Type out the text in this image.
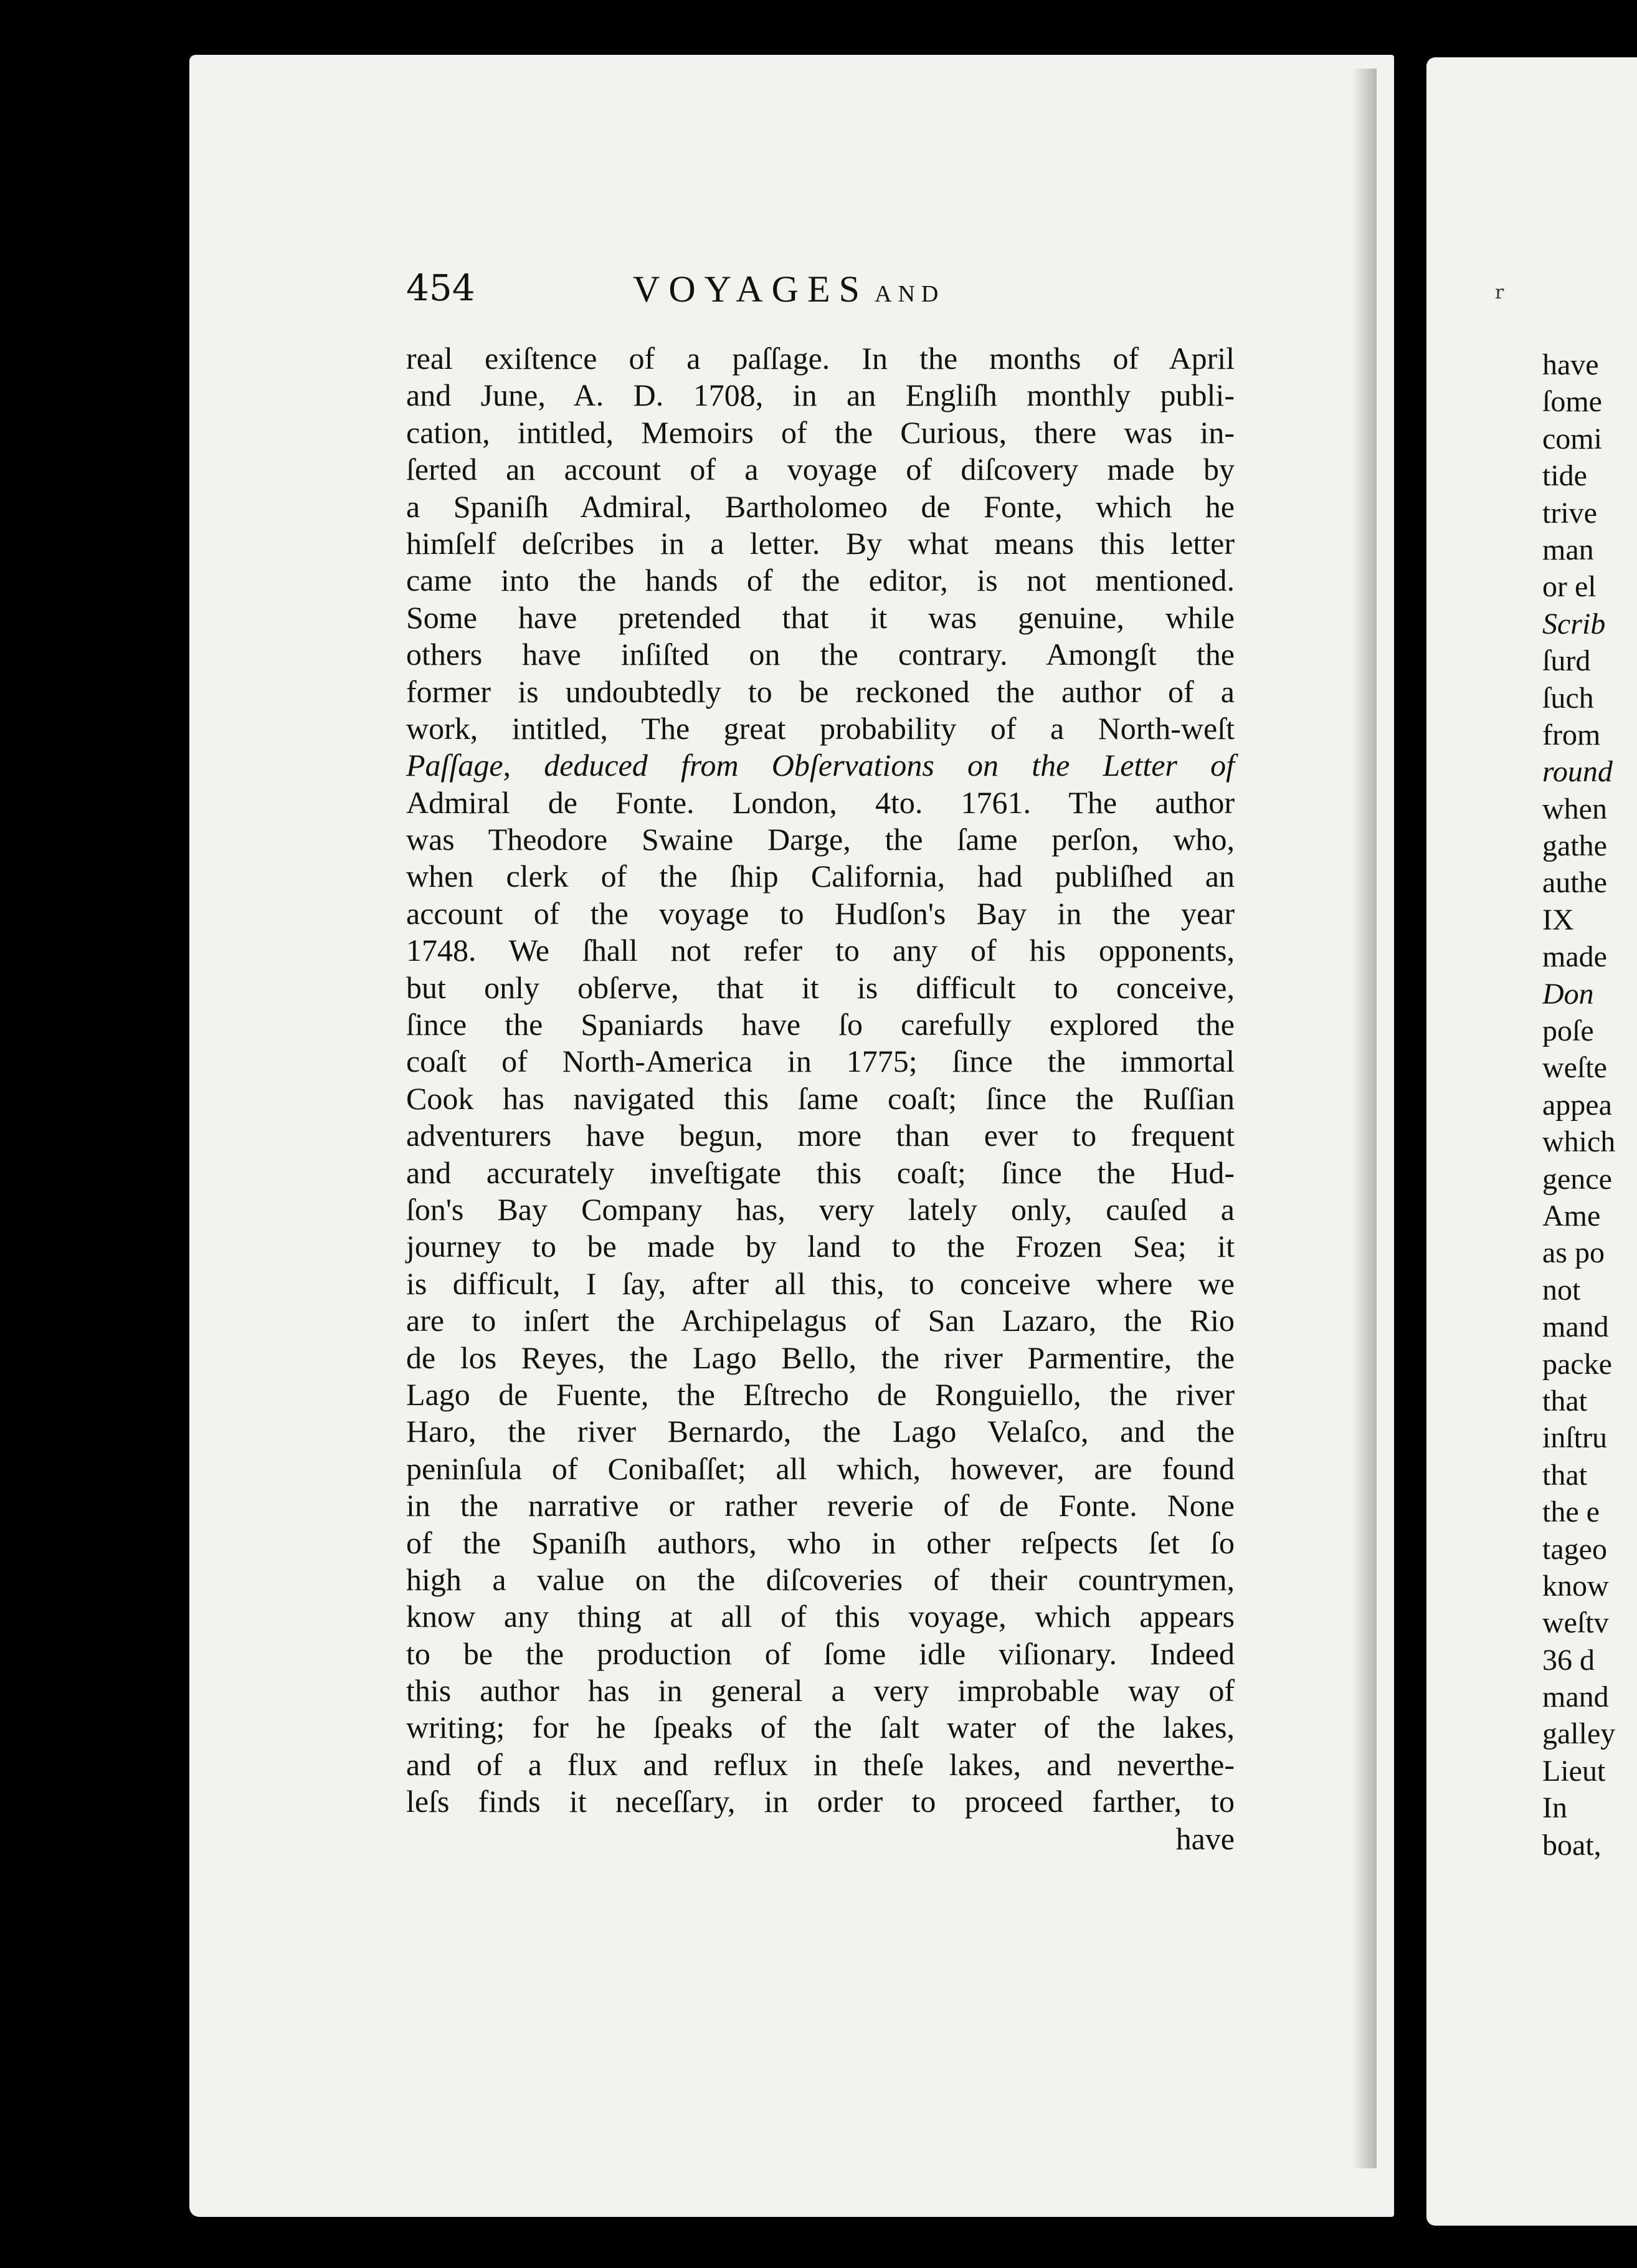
454	VOYAGES AND
real exiſtence of a paſſage. In the months of April
and June, A. D. 1708, in an Engliſh monthly publi-
cation, intitled, Memoirs of the Curious, there was in-
ſerted an account of a voyage of diſcovery made by
a Spaniſh Admiral, Bartholomeo de Fonte, which he
himſelf deſcribes in a letter. By what means this letter
came into the hands of the editor, is not mentioned.
Some have pretended that it was genuine, while
others have inſiſted on the contrary. Amongſt the
former is undoubtedly to be reckoned the author of a
work, intitled, The great probability of a North-weſt
Paſſage, deduced from Obſervations on the Letter of
Admiral de Fonte. London, 4to. 1761. The author
was Theodore Swaine Darge, the ſame perſon, who,
when clerk of the ſhip California, had publiſhed an
account of the voyage to Hudſon's Bay in the year
1748. We ſhall not refer to any of his opponents,
but only obſerve, that it is difficult to conceive,
ſince the Spaniards have ſo carefully explored the
coaſt of North-America in 1775; ſince the immortal
Cook has navigated this ſame coaſt; ſince the Ruſſian
adventurers have begun, more than ever to frequent
and accurately inveſtigate this coaſt; ſince the Hud-
ſon's Bay Company has, very lately only, cauſed a
journey to be made by land to the Frozen Sea; it
is difficult, I ſay, after all this, to conceive where we
are to inſert the Archipelagus of San Lazaro, the Rio
de los Reyes, the Lago Bello, the river Parmentire, the
Lago de Fuente, the Eſtrecho de Ronguiello, the river
Haro, the river Bernardo, the Lago Velaſco, and the
peninſula of Conibaſſet; all which, however, are found
in the narrative or rather reverie of de Fonte. None
of the Spaniſh authors, who in other reſpects ſet ſo
high a value on the diſcoveries of their countrymen,
know any thing at all of this voyage, which appears
to be the production of ſome idle viſionary. Indeed
this author has in general a very improbable way of
writing; for he ſpeaks of the ſalt water of the lakes,
and of a flux and reflux in theſe lakes, and neverthe-
leſs finds it neceſſary, in order to proceed farther, to
have
r
have
ſome
comi
tide
trive
man
or el
Scrib
ſurd
ſuch
from
round
when
gathe
authe
IX
made
Don
poſe
weſte
appea
which
gence
Ame
as po
not
mand
packe
that
inſtru
that
the e
tageo
know
weſtv
36 d
mand
galley
Lieut
In
boat,
